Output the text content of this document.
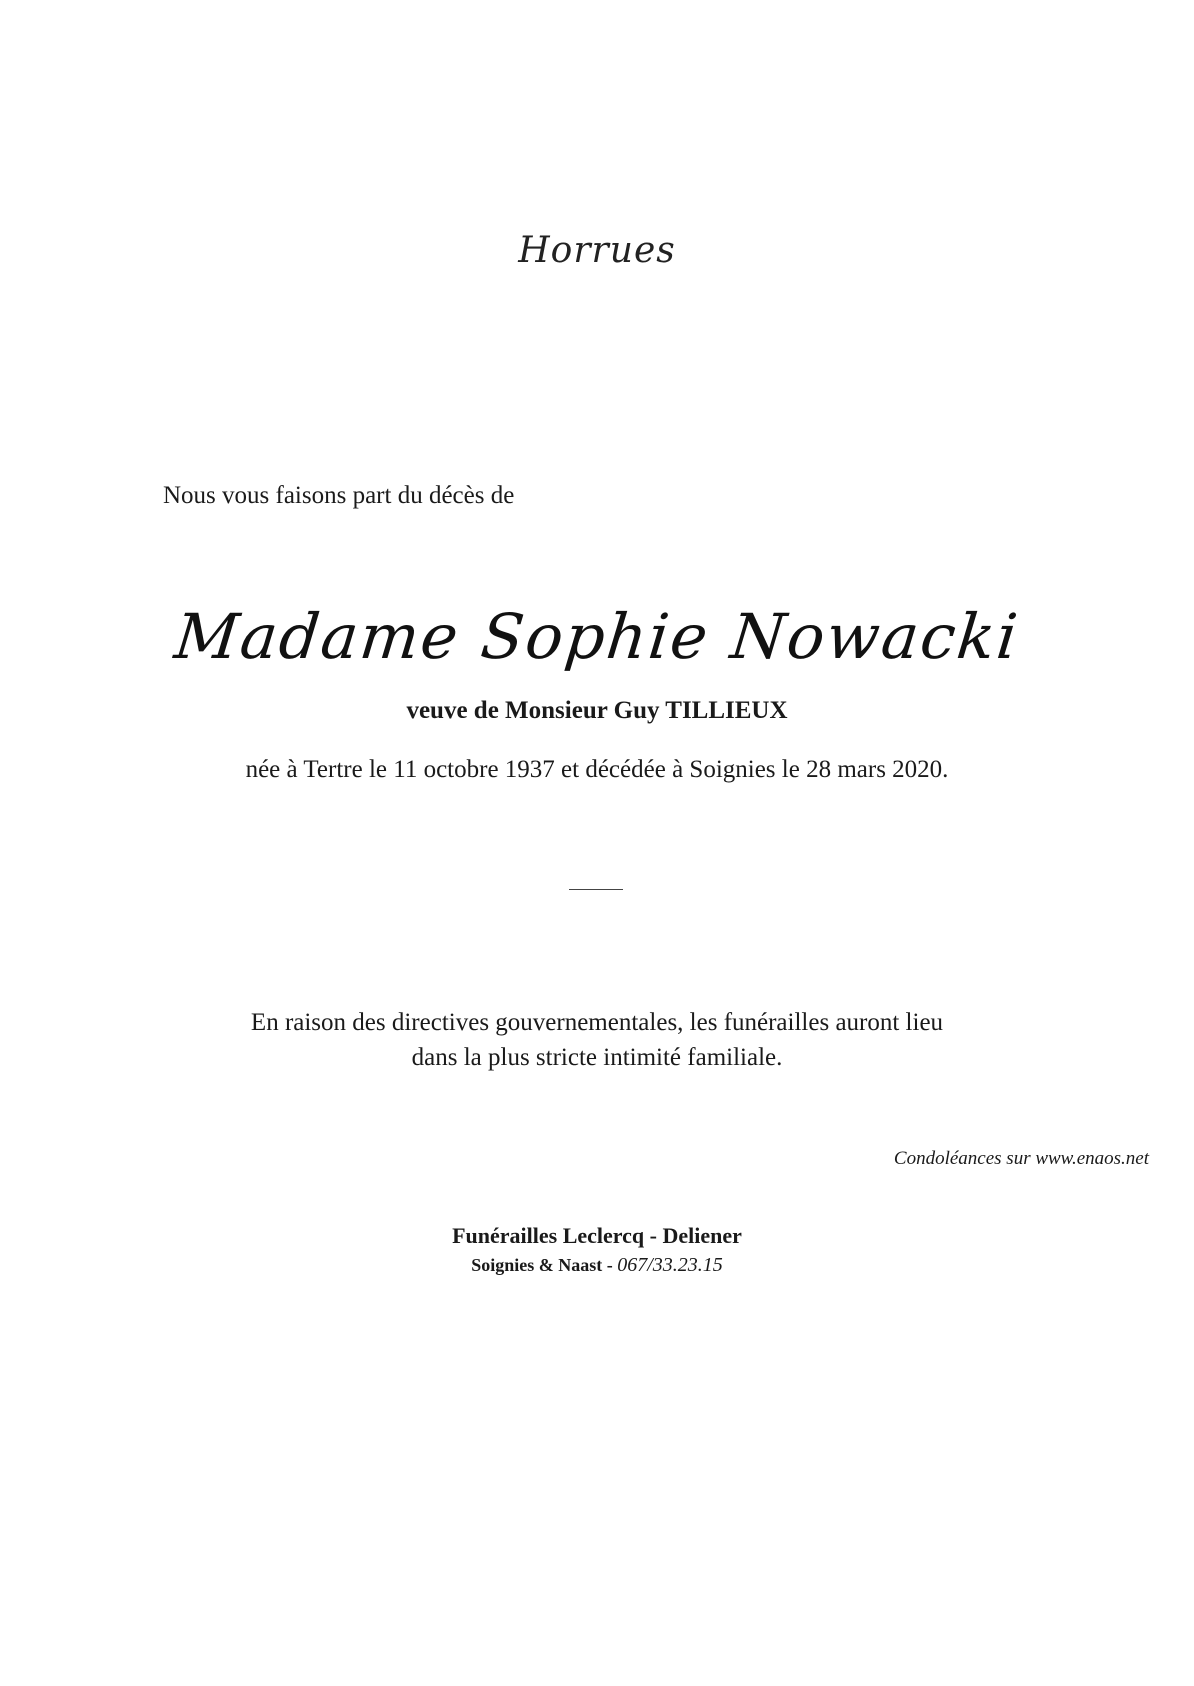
Horrues

Nous vous faisons part du décès de

Madame Sophie Nowacki

veuve de Monsieur Guy TILLIEUX

née à Tertre le 11 octobre 1937 et décédée à Soignies le 28 mars 2020.

En raison des directives gouvernementales, les funérailles auront lieu
dans la plus stricte intimité familiale.

Condoléances sur www.enaos.net

Funérailles Leclercq - Deliener

Soignies & Naast - 067/33.23.15
